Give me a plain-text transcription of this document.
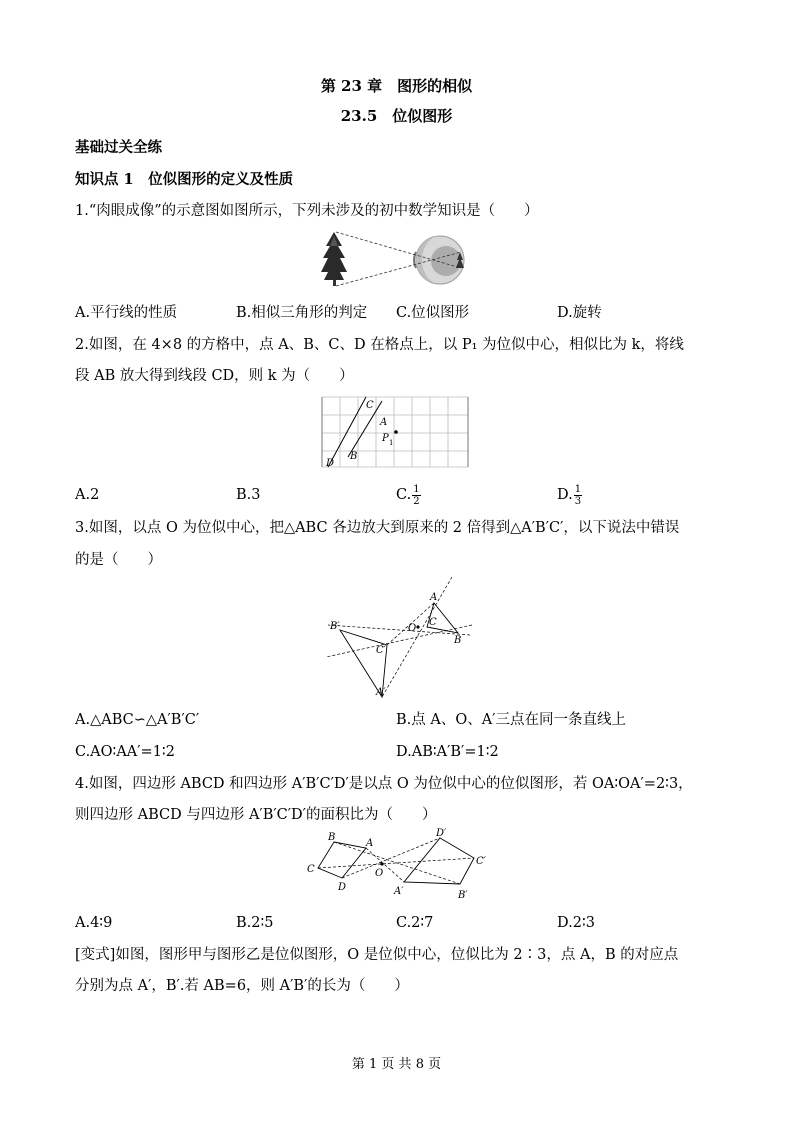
第 23 章　图形的相似
23.5　位似图形
基础过关全练
知识点 1　位似图形的定义及性质
1.“肉眼成像”的示意图如图所示，下列未涉及的初中数学知识是（　　）
A.平行线的性质	B.相似三角形的判定 C.位似图形	D.旋转
2.如图，在 4×8 的方格中，点 A、B、C、D 在格点上，以 P₁ 为位似中心，相似比为 k，将线
段 AB 放大得到线段 CD，则 k 为（　　）
C
A
P 1
B
D
A.2	B.3	C. $\frac{1}{2}$	D. $\frac{1}{3}$
3.如图，以点 O 为位似中心，把△ABC 各边放大到原来的 2 倍得到△A′B′C′，以下说法中错误
的是（　　）
A
B′	O
C
B
C′
A′
A.△ABC∽△A′B′C′	B.点 A、O、A′三点在同一条直线上
C.AO∶AA′=1∶2	D.AB∶A′B′=1∶2
4.如图，四边形 ABCD 和四边形 A′B′C′D′是以点 O 为位似中心的位似图形，若 OA∶OA′=2∶3，
则四边形 ABCD 与四边形 A′B′C′D′的面积比为（　　）
B
A
C
D
O
D′
C′
A′	B′
A.4∶9	B.2∶5	C.2∶7	D.2∶3
[变式]如图，图形甲与图形乙是位似图形，O 是位似中心，位似比为 2∶3，点 A，B 的对应点
分别为点 A′，B′.若 AB=6，则 A′B′的长为（　　）
第 1 页 共 8 页
